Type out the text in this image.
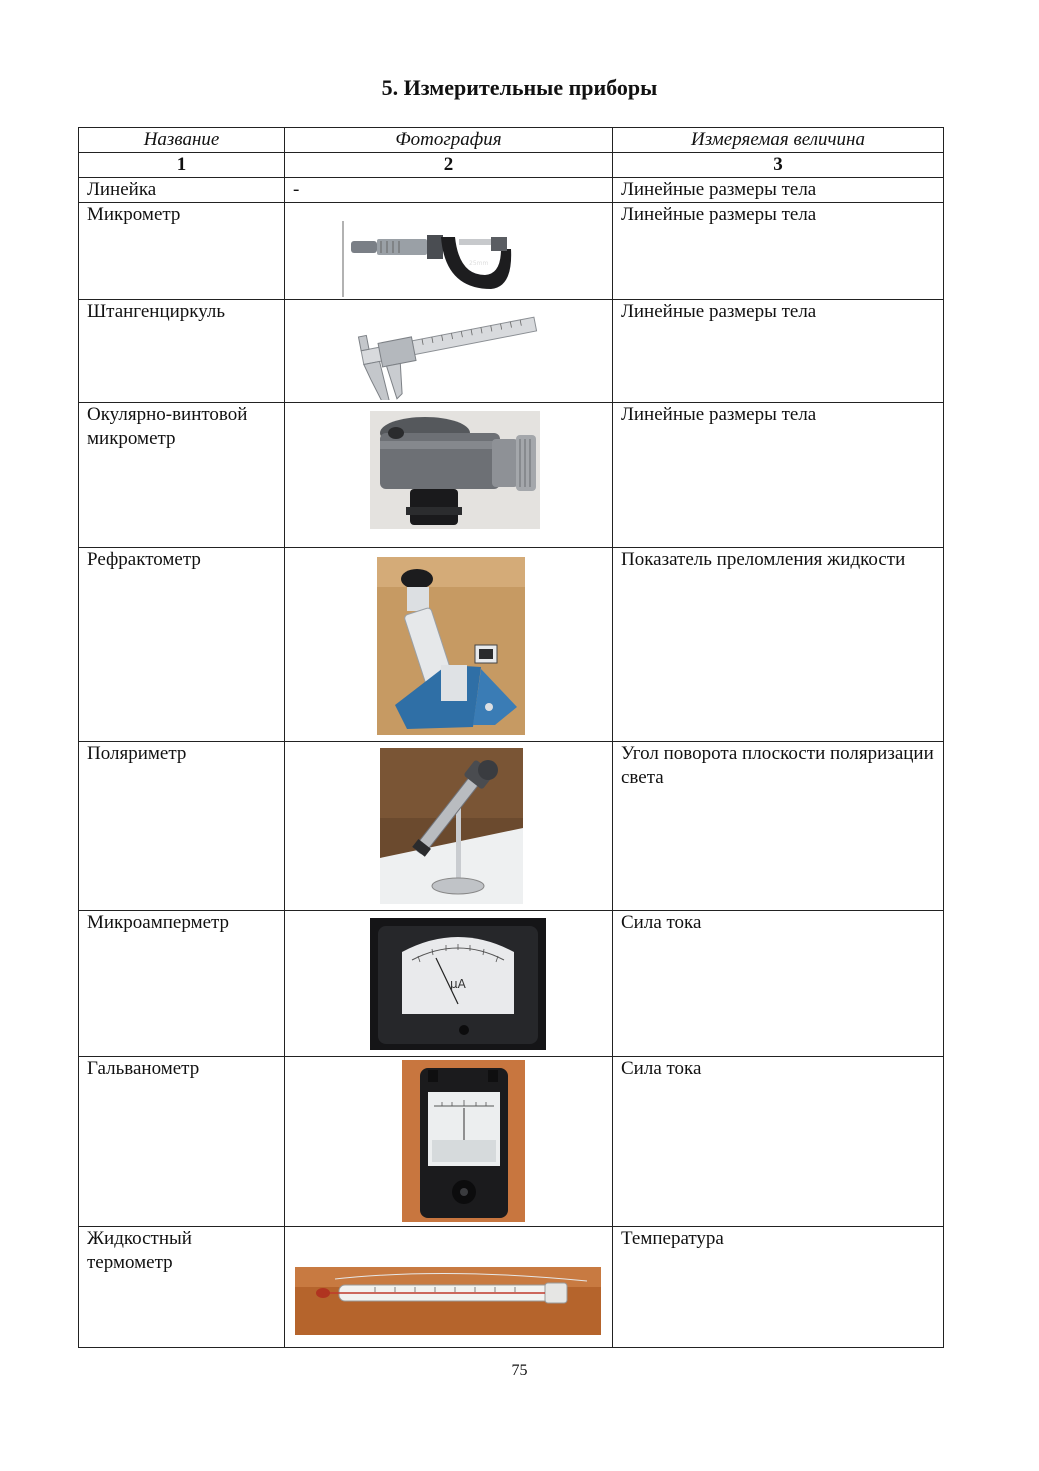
5. Измерительные приборы
Название	Фотография	Измеряемая величина
1	2	3
Линейка	-	Линейные размеры тела
Микрометр	25mm	Линейные размеры тела
Штангенциркуль		Линейные размеры тела
Окулярно-винтовой микрометр		Линейные размеры тела
Рефрактометр		Показатель преломления жидкости
Поляриметр		Угол поворота плоскости поляризации света
Микроамперметр	μA	Сила тока
Гальванометр		Сила тока
Жидкостный термометр		Температура
75
